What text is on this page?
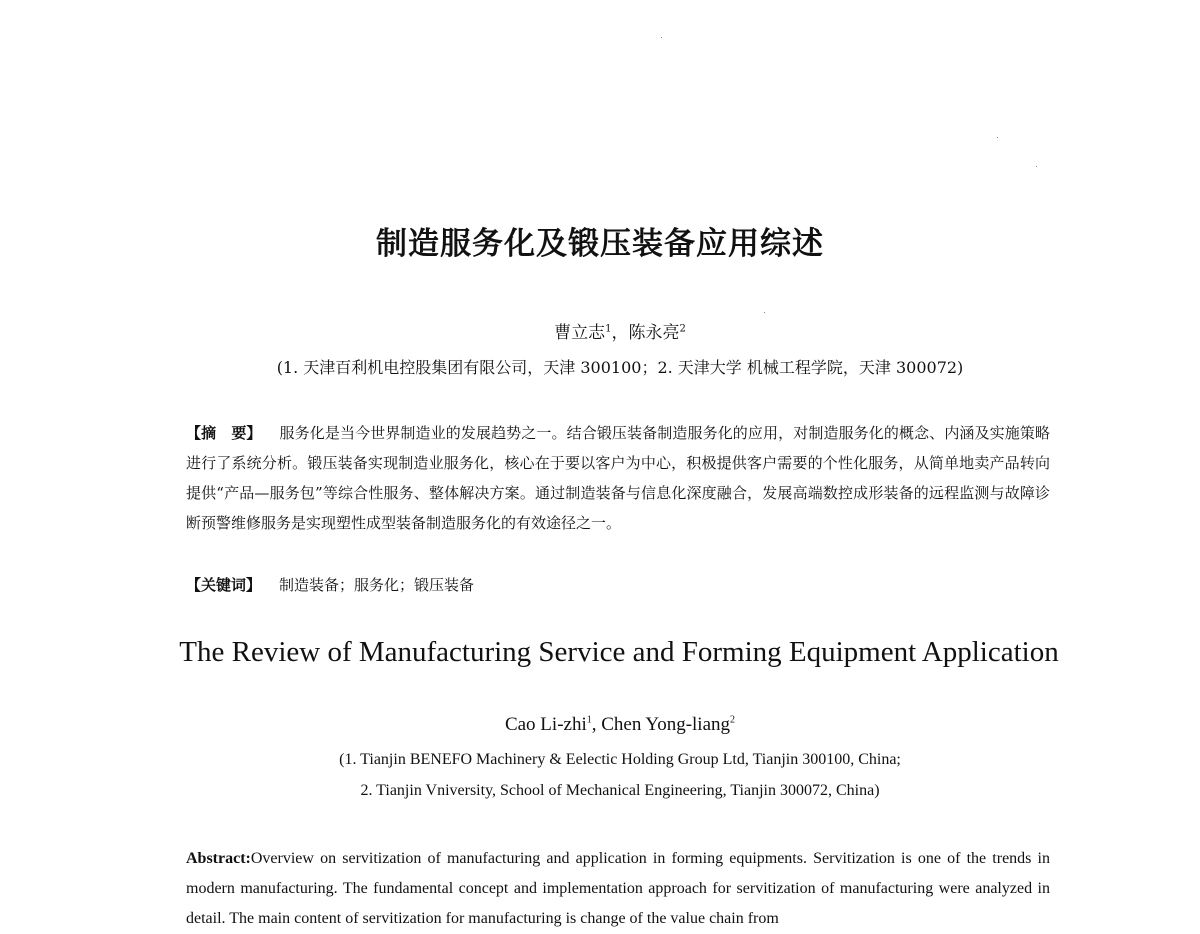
制造服务化及锻压装备应用综述
曹立志$^1$，陈永亮$^2$
(1. 天津百利机电控股集团有限公司，天津 300100；2. 天津大学 机械工程学院，天津 300072)
【摘　要】 服务化是当今世界制造业的发展趋势之一。结合锻压装备制造服务化的应用，对制造服务化的概念、内涵及实施策略进行了系统分析。锻压装备实现制造业服务化，核心在于要以客户为中心，积极提供客户需要的个性化服务，从简单地卖产品转向提供“产品—服务包”等综合性服务、整体解决方案。通过制造装备与信息化深度融合，发展高端数控成形装备的远程监测与故障诊断预警维修服务是实现塑性成型装备制造服务化的有效途径之一。
【关键词】 制造装备；服务化；锻压装备
The Review of Manufacturing Service and Forming Equipment Application
Cao Li-zhi$^1$, Chen Yong-liang$^2$
(1. Tianjin BENEFO Machinery & Eelectic Holding Group Ltd, Tianjin 300100, China;
2. Tianjin Vniversity, School of Mechanical Engineering, Tianjin 300072, China)
Abstract:Overview on servitization of manufacturing and application in forming equipments. Servitization is one of the trends in modern manufacturing. The fundamental concept and implementation approach for servitization of manufacturing were analyzed in detail. The main content of servitization for manufacturing is change of the value chain from
